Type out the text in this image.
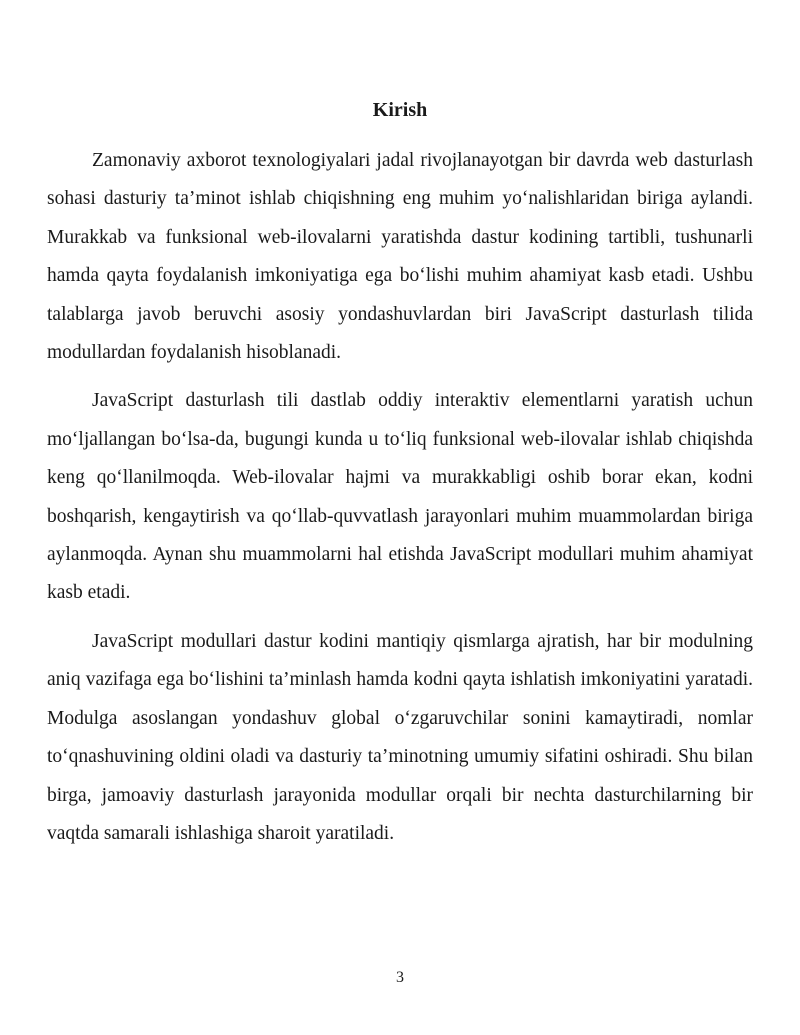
Kirish

Zamonaviy axborot texnologiyalari jadal rivojlanayotgan bir davrda web dasturlash sohasi dasturiy ta’minot ishlab chiqishning eng muhim yo‘nalishlaridan biriga aylandi. Murakkab va funksional web-ilovalarni yaratishda dastur kodining tartibli, tushunarli hamda qayta foydalanish imkoniyatiga ega bo‘lishi muhim ahamiyat kasb etadi. Ushbu talablarga javob beruvchi asosiy yondashuvlardan biri JavaScript dasturlash tilida modullardan foydalanish hisoblanadi.

JavaScript dasturlash tili dastlab oddiy interaktiv elementlarni yaratish uchun mo‘ljallangan bo‘lsa-da, bugungi kunda u to‘liq funksional web-ilovalar ishlab chiqishda keng qo‘llanilmoqda. Web-ilovalar hajmi va murakkabligi oshib borar ekan, kodni boshqarish, kengaytirish va qo‘llab-quvvatlash jarayonlari muhim muammolardan biriga aylanmoqda. Aynan shu muammolarni hal etishda JavaScript modullari muhim ahamiyat kasb etadi.

JavaScript modullari dastur kodini mantiqiy qismlarga ajratish, har bir modulning aniq vazifaga ega bo‘lishini ta’minlash hamda kodni qayta ishlatish imkoniyatini yaratadi. Modulga asoslangan yondashuv global o‘zgaruvchilar sonini kamaytiradi, nomlar to‘qnashuvining oldini oladi va dasturiy ta’minotning umumiy sifatini oshiradi. Shu bilan birga, jamoaviy dasturlash jarayonida modullar orqali bir nechta dasturchilarning bir vaqtda samarali ishlashiga sharoit yaratiladi.

3
